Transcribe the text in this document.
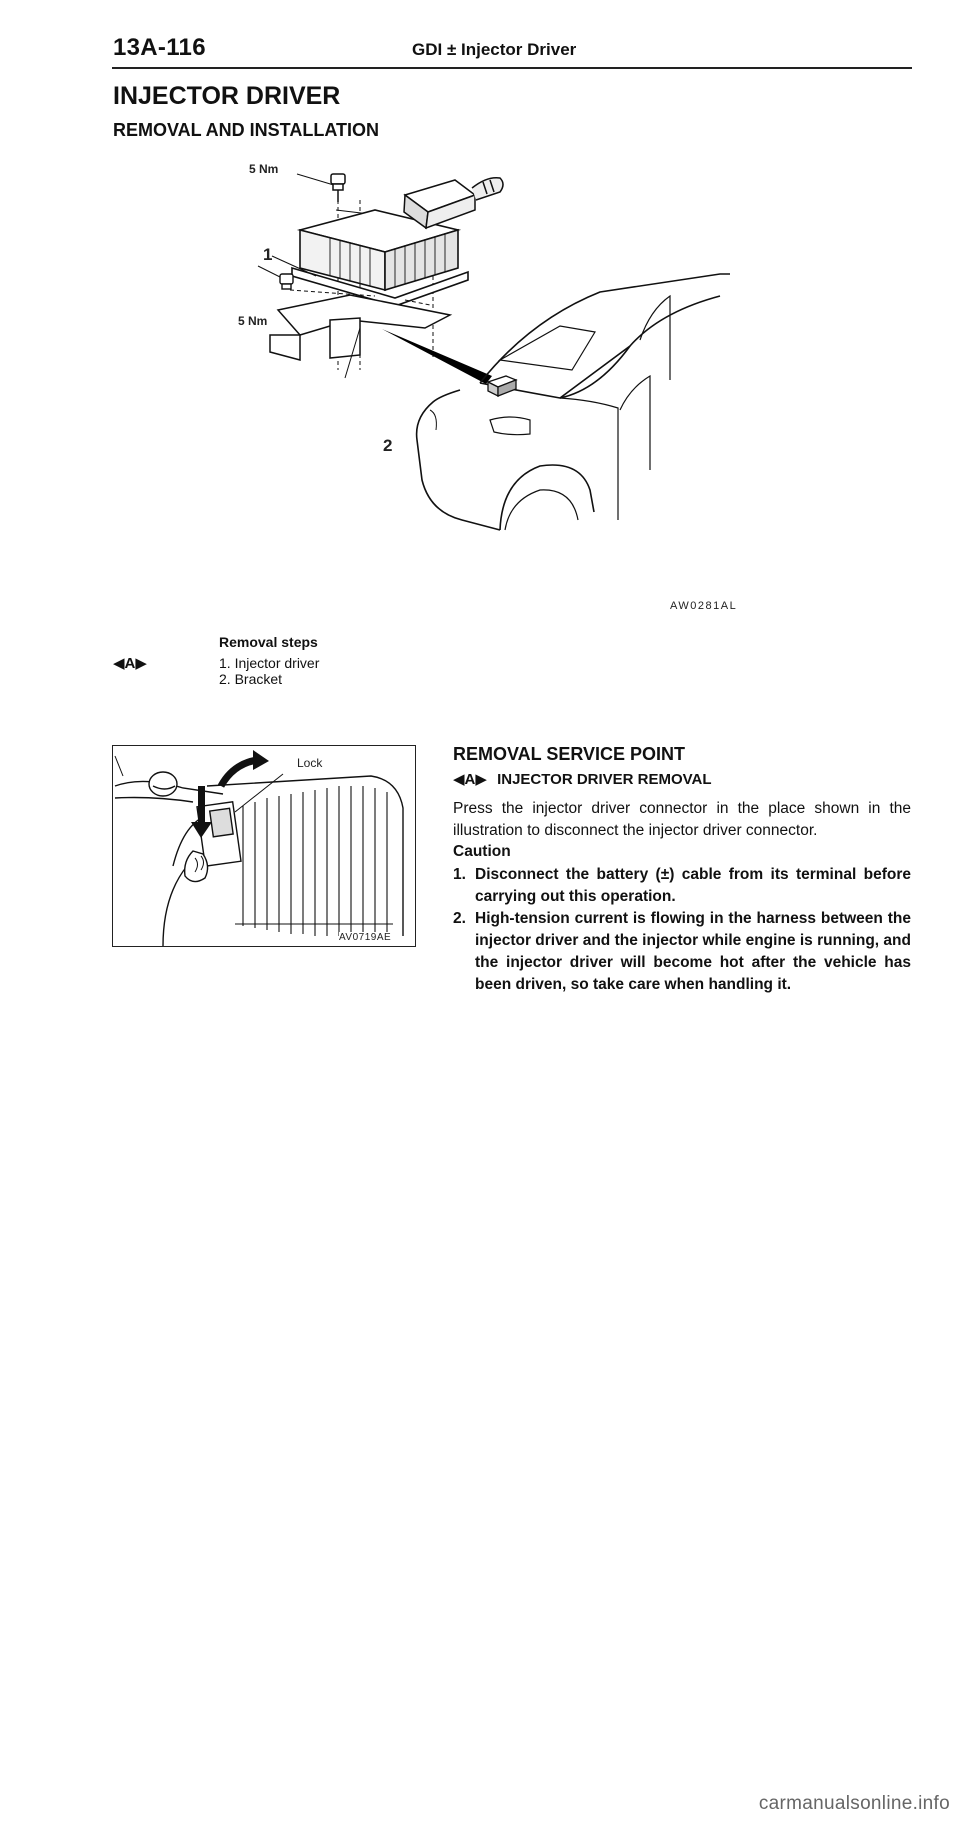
13A-116	GDI ± Injector Driver
INJECTOR DRIVER
REMOVAL AND INSTALLATION
5 Nm
5 Nm
1
2
AW0281AL
Removal steps
◀A▶	1. Injector driver
2. Bracket
Lock
AV0719AE
REMOVAL SERVICE POINT
◀A▶ INJECTOR DRIVER REMOVAL
Press the injector driver connector in the place shown in the illustration to disconnect the injector driver connector.
Caution
1. Disconnect the battery (±) cable from its terminal before carrying out this operation.
2. High-tension current is flowing in the harness between the injector driver and the injector while engine is running, and the injector driver will become hot after the vehicle has been driven, so take care when handling it.
carmanualsonline.info
